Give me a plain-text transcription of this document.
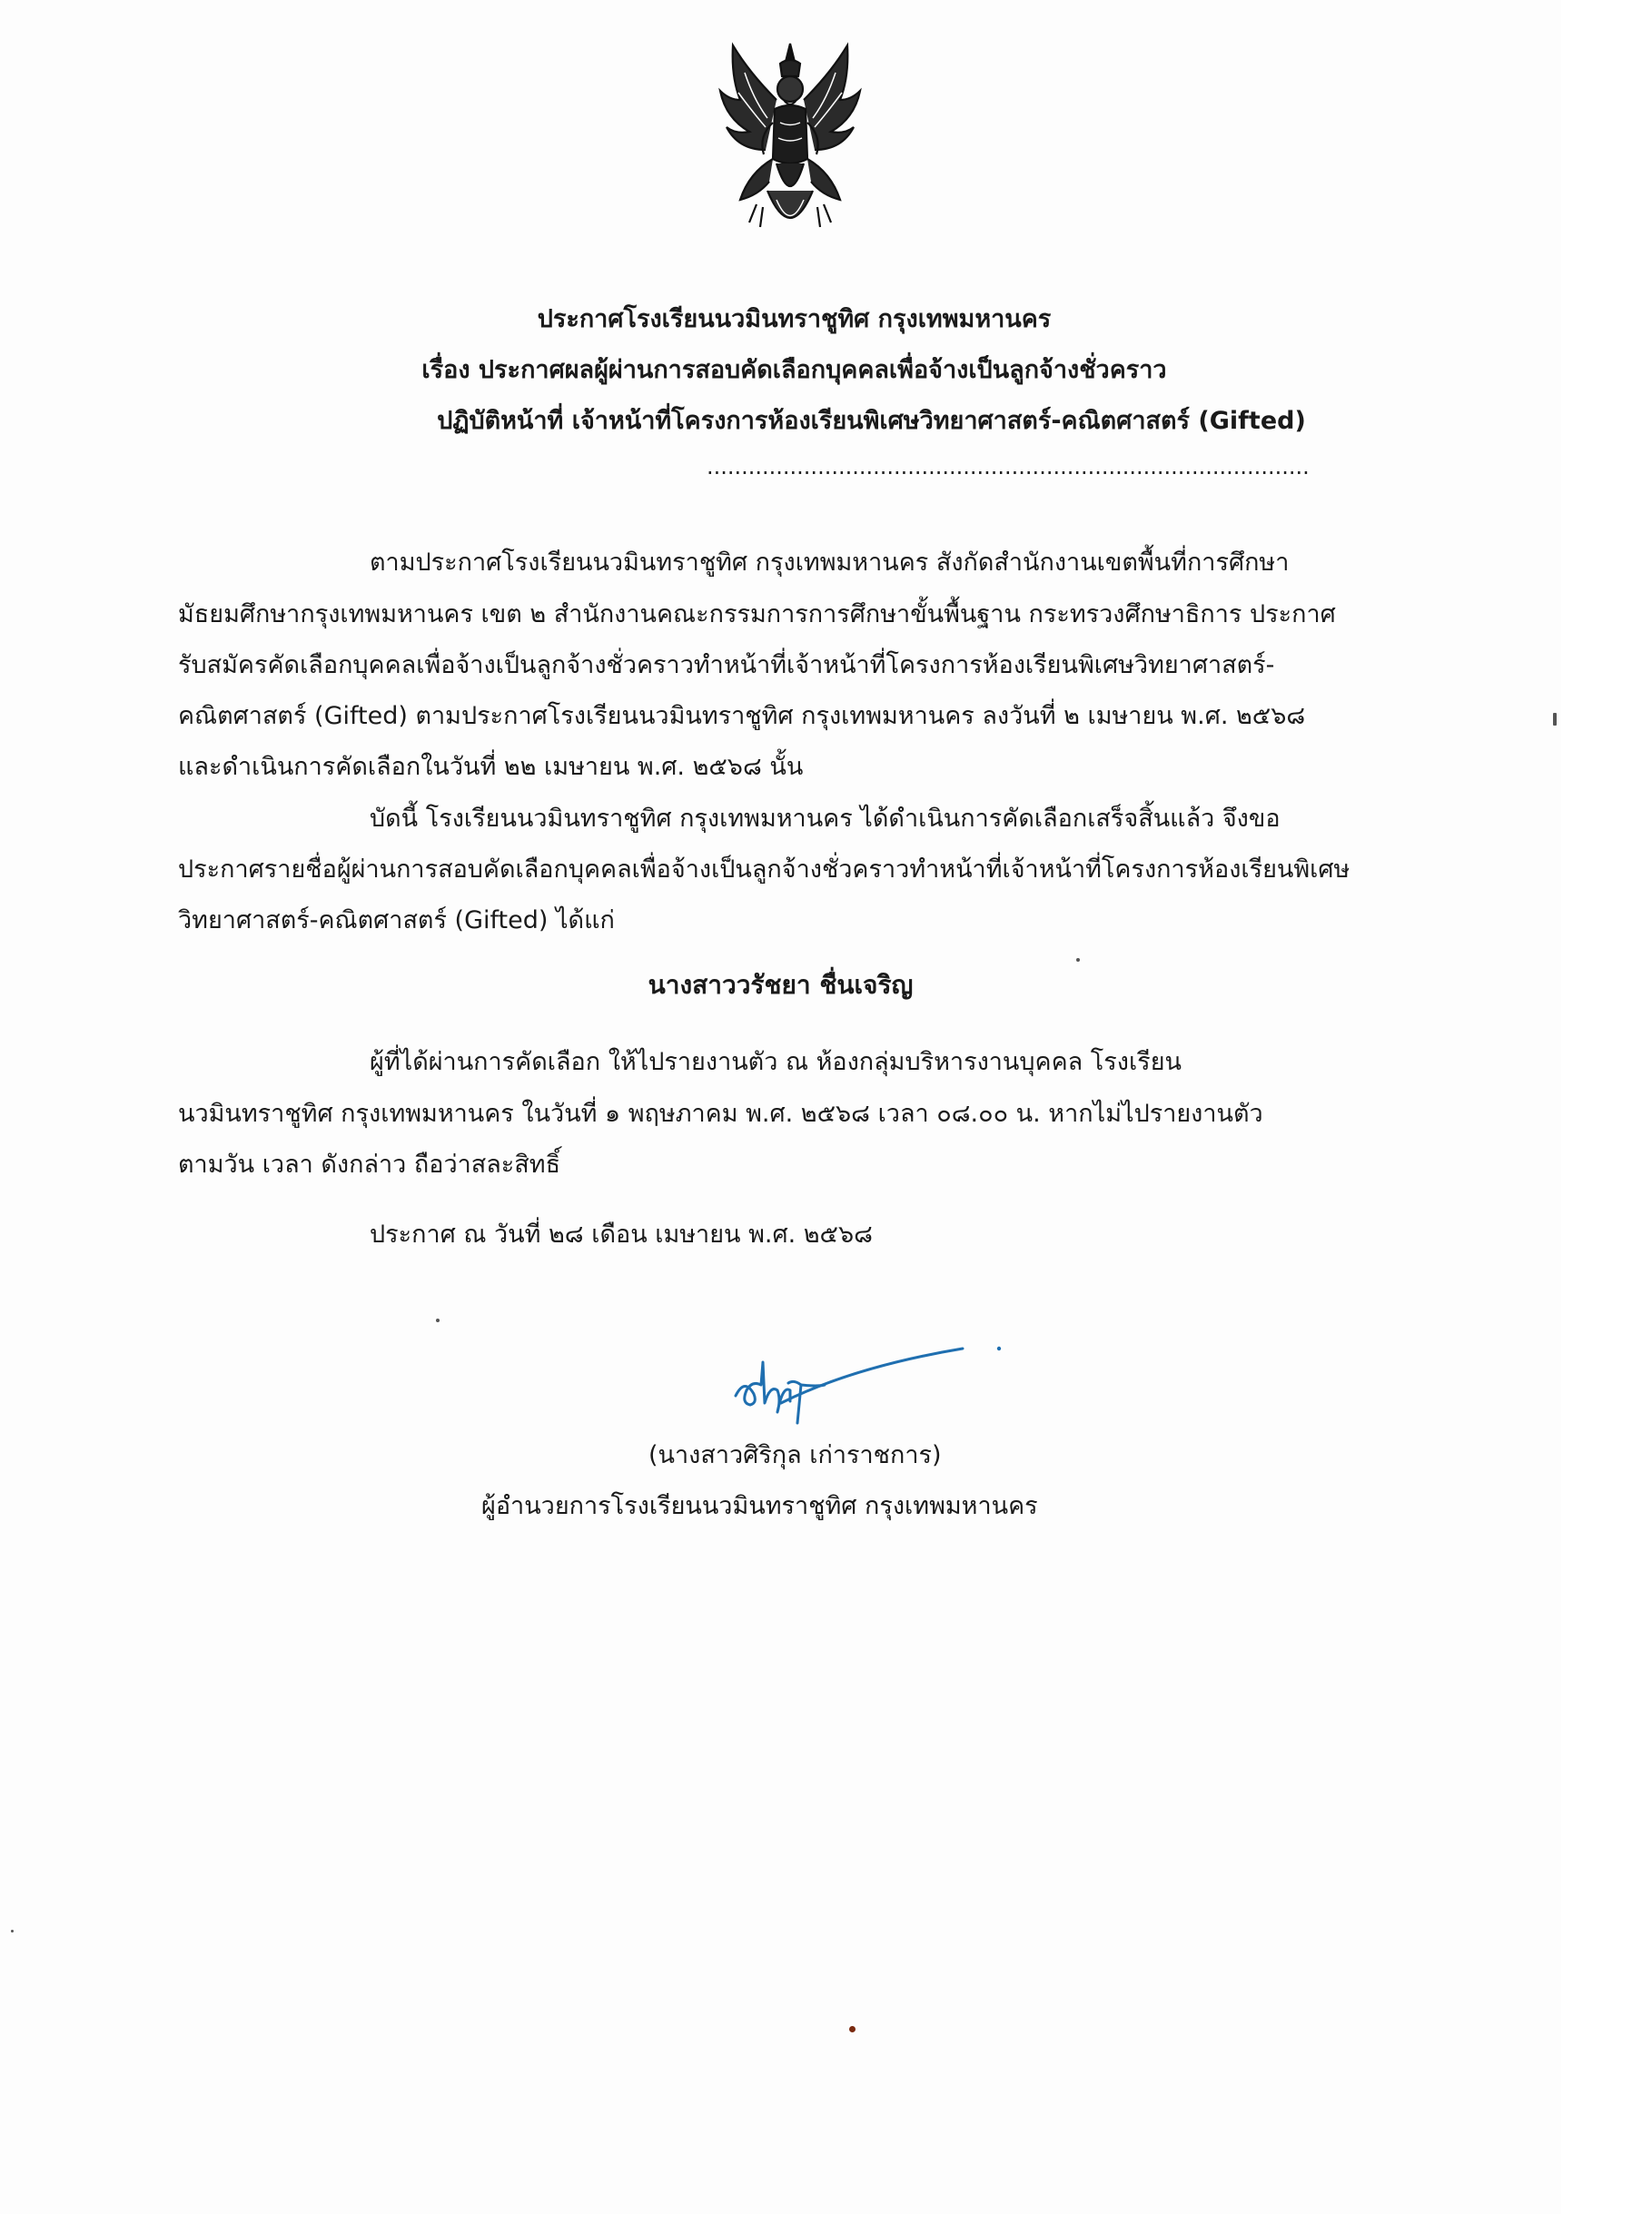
ประกาศโรงเรียนนวมินทราชูทิศ กรุงเทพมหานคร
เรื่อง ประกาศผลผู้ผ่านการสอบคัดเลือกบุคคลเพื่อจ้างเป็นลูกจ้างชั่วคราว
ปฏิบัติหน้าที่ เจ้าหน้าที่โครงการห้องเรียนพิเศษวิทยาศาสตร์-คณิตศาสตร์ (Gifted)
.......................................................................................
ตามประกาศโรงเรียนนวมินทราชูทิศ กรุงเทพมหานคร สังกัดสำนักงานเขตพื้นที่การศึกษา
มัธยมศึกษากรุงเทพมหานคร เขต ๒ สำนักงานคณะกรรมการการศึกษาขั้นพื้นฐาน กระทรวงศึกษาธิการ ประกาศ
รับสมัครคัดเลือกบุคคลเพื่อจ้างเป็นลูกจ้างชั่วคราวทำหน้าที่เจ้าหน้าที่โครงการห้องเรียนพิเศษวิทยาศาสตร์-
คณิตศาสตร์ (Gifted) ตามประกาศโรงเรียนนวมินทราชูทิศ กรุงเทพมหานคร ลงวันที่ ๒ เมษายน พ.ศ. ๒๕๖๘
และดำเนินการคัดเลือกในวันที่ ๒๒ เมษายน พ.ศ. ๒๕๖๘ นั้น
บัดนี้ โรงเรียนนวมินทราชูทิศ กรุงเทพมหานคร ได้ดำเนินการคัดเลือกเสร็จสิ้นแล้ว จึงขอ
ประกาศรายชื่อผู้ผ่านการสอบคัดเลือกบุคคลเพื่อจ้างเป็นลูกจ้างชั่วคราวทำหน้าที่เจ้าหน้าที่โครงการห้องเรียนพิเศษ
วิทยาศาสตร์-คณิตศาสตร์ (Gifted) ได้แก่
นางสาววรัชยา ชื่นเจริญ
ผู้ที่ได้ผ่านการคัดเลือก ให้ไปรายงานตัว ณ ห้องกลุ่มบริหารงานบุคคล โรงเรียน
นวมินทราชูทิศ กรุงเทพมหานคร ในวันที่ ๑ พฤษภาคม พ.ศ. ๒๕๖๘ เวลา ๐๘.๐๐ น. หากไม่ไปรายงานตัว
ตามวัน เวลา ดังกล่าว ถือว่าสละสิทธิ์
ประกาศ ณ วันที่ ๒๘ เดือน เมษายน พ.ศ. ๒๕๖๘
(นางสาวศิริกุล เก่าราชการ)
ผู้อำนวยการโรงเรียนนวมินทราชูทิศ กรุงเทพมหานคร
